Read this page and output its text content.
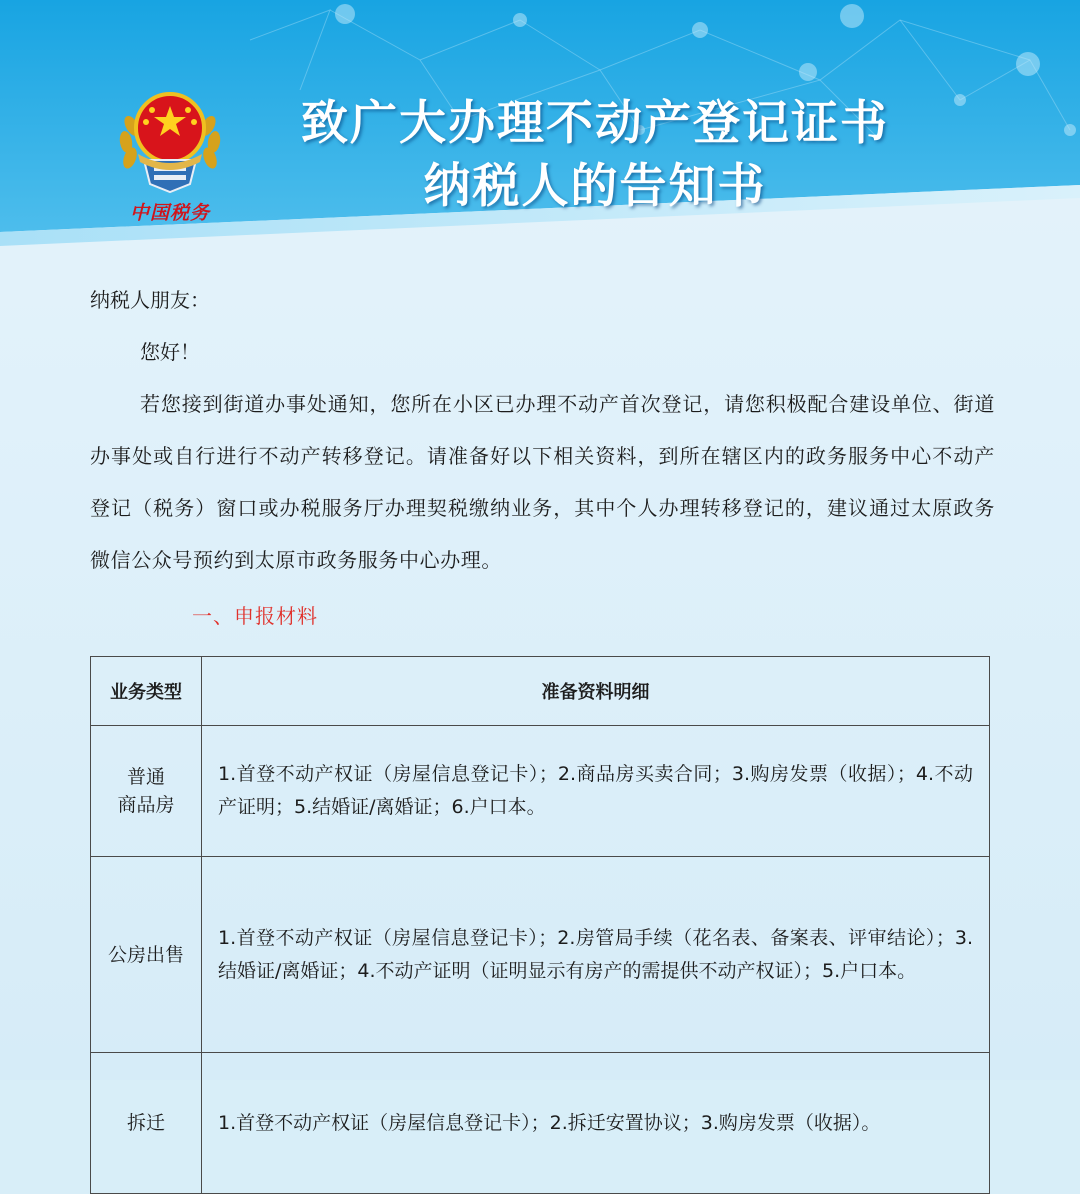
中国税务
致广大办理不动产登记证书
纳税人的告知书
纳税人朋友：
您好！
若您接到街道办事处通知，您所在小区已办理不动产首次登记，请您积极配合建设单位、街道办事处或自行进行不动产转移登记。请准备好以下相关资料，到所在辖区内的政务服务中心不动产登记（税务）窗口或办税服务厅办理契税缴纳业务，其中个人办理转移登记的，建议通过太原政务微信公众号预约到太原市政务服务中心办理。
一、申报材料
业务类型	准备资料明细

普通
商品房	1.首登不动产权证（房屋信息登记卡）；2.商品房买卖合同；3.购房发票（收据）；4.不动产证明；5.结婚证/离婚证；6.户口本。
公房出售	1.首登不动产权证（房屋信息登记卡）；2.房管局手续（花名表、备案表、评审结论）；3.结婚证/离婚证；4.不动产证明（证明显示有房产的需提供不动产权证）；5.户口本。
拆迁	1.首登不动产权证（房屋信息登记卡）；2.拆迁安置协议；3.购房发票（收据）。
